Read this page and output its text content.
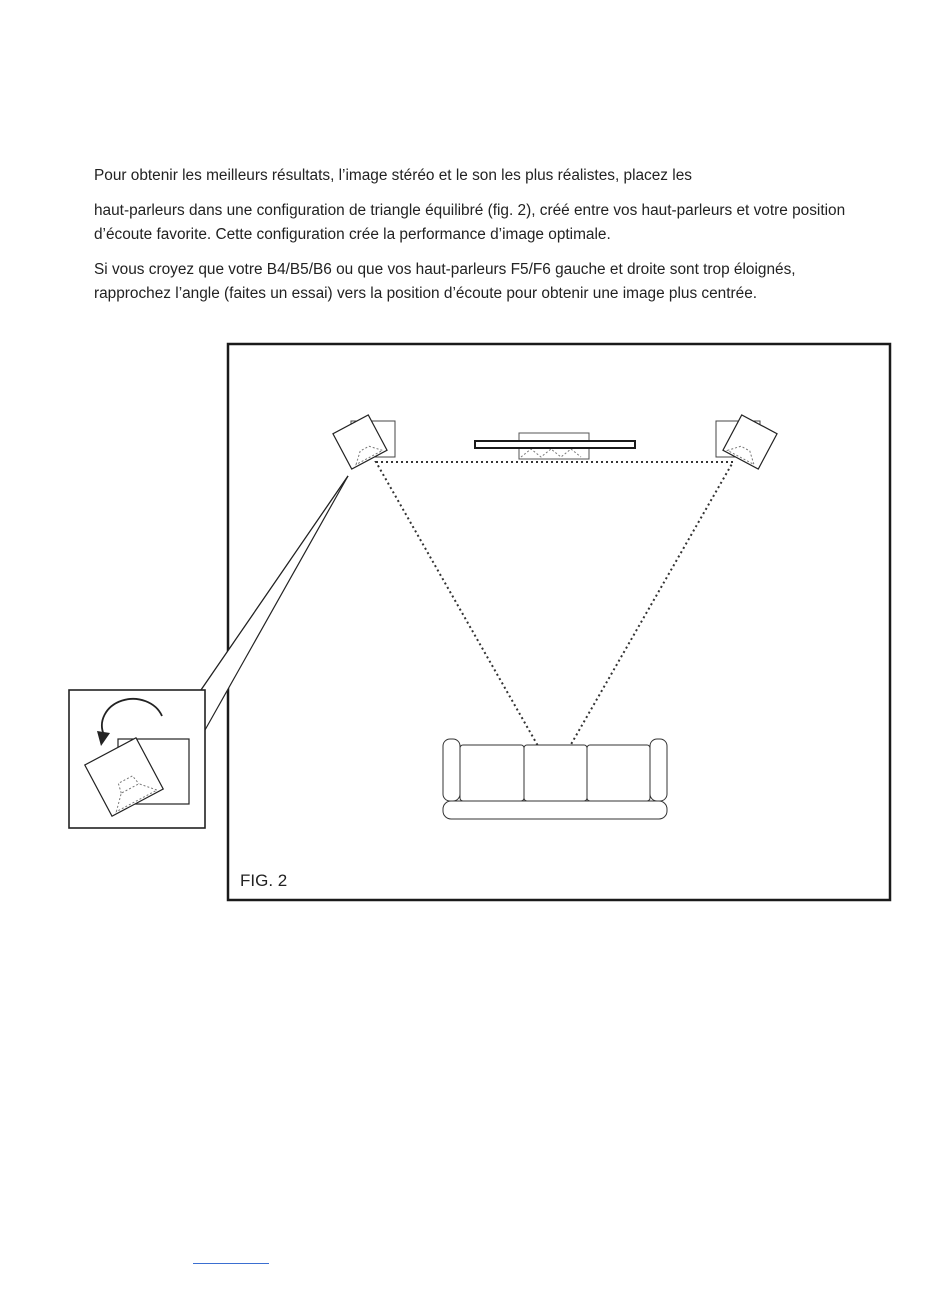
Pour obtenir les meilleurs résultats, l’image stéréo et le son les plus réalistes, placez les

haut-parleurs dans une configuration de triangle équilibré (fig. 2), créé entre vos haut-parleurs et votre position d’écoute favorite. Cette configuration crée la performance d’image optimale.

Si vous croyez que votre B4/B5/B6 ou que vos haut-parleurs F5/F6 gauche et droite sont trop éloignés, rapprochez l’angle (faites un essai) vers la position d’écoute pour obtenir une image plus centrée.

FIG. 2
